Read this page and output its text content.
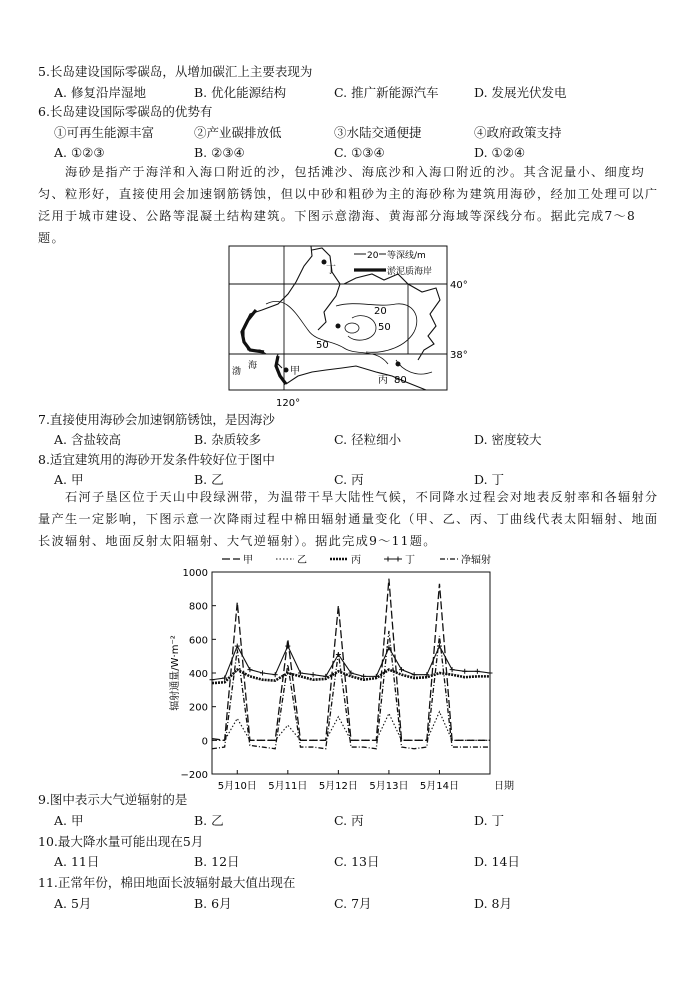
5.长岛建设国际零碳岛，从增加碳汇上主要表现为
A. 修复沿岸湿地	B. 优化能源结构	C. 推广新能源汽车	D. 发展光伏发电
6.长岛建设国际零碳岛的优势有
①可再生能源丰富	②产业碳排放低	③水陆交通便捷	④政府政策支持
A. ①②③	B. ②③④	C. ①③④	D. ①②④
　　海砂是指产于海洋和入海口附近的沙，包括滩沙、海底沙和入海口附近的沙。其含泥量小、细度均匀、粒形好，直接使用会加速钢筋锈蚀，但以中砂和粗砂为主的海砂称为建筑用海砂，经加工处理可以广泛用于城市建设、公路等混凝土结构建筑。下图示意渤海、黄海部分海域等深线分布。据此完成7～8题。
丁
甲
丙 80
20
50
50
渤
海
40°
38°
120°
20 等深线/m
淤泥质海岸
7.直接使用海砂会加速钢筋锈蚀，是因海沙
A. 含盐较高	B. 杂质较多	C. 径粒细小	D. 密度较大
8.适宜建筑用的海砂开发条件较好位于图中
A. 甲	B. 乙	C. 丙	D. 丁
　　石河子垦区位于天山中段绿洲带，为温带干旱大陆性气候，不同降水过程会对地表反射率和各辐射分量产生一定影响，下图示意一次降雨过程中棉田辐射通量变化（甲、乙、丙、丁曲线代表太阳辐射、地面长波辐射、地面反射太阳辐射、大气逆辐射）。据此完成9～11题。
1000
800
600
400
200
0
−200
5月10日 5月11日 5月12日 5月13日 5月14日	日期
辐射通量/W·m⁻²
甲	乙	丙	丁	净辐射
9.图中表示大气逆辐射的是
A. 甲	B. 乙	C. 丙	D. 丁
10.最大降水量可能出现在5月
A. 11日	B. 12日	C. 13日	D. 14日
11.正常年份，棉田地面长波辐射最大值出现在
A. 5月	B. 6月	C. 7月	D. 8月
